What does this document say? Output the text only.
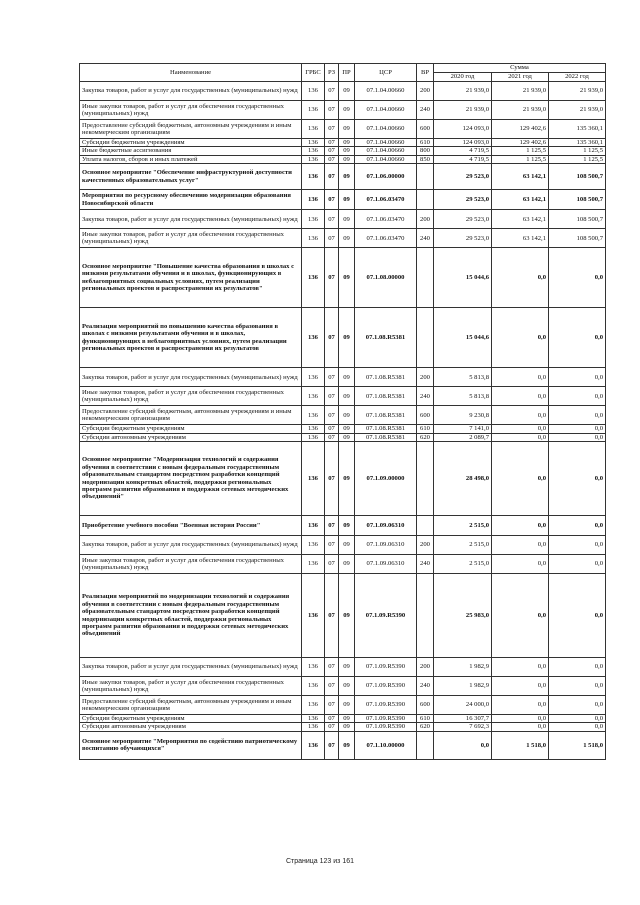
Наименование	ГРБС	РЗ	ПР	ЦСР	ВР	Сумма		
						2020 год	2021 год	2022 год
Закупка товаров, работ и услуг для государственных (муниципальных) нужд	136	07	09	07.1.04.00660	200	21 939,0	21 939,0	21 939,0
Иные закупки товаров, работ и услуг для обеспечения государственных (муниципальных) нужд	136	07	09	07.1.04.00660	240	21 939,0	21 939,0	21 939,0
Предоставление субсидий бюджетным, автономным учреждениям и иным некоммерческим организациям	136	07	09	07.1.04.00660	600	124 093,0	129 402,6	135 360,1
Субсидии бюджетным учреждениям	136	07	09	07.1.04.00660	610	124 093,0	129 402,6	135 360,1
Иные бюджетные ассигнования	136	07	09	07.1.04.00660	800	4 719,5	1 125,5	1 125,5
Уплата налогов, сборов и иных платежей	136	07	09	07.1.04.00660	850	4 719,5	1 125,5	1 125,5
Основное мероприятие "Обеспечение инфраструктурной доступности качественных образовательных услуг"	136	07	09	07.1.06.00000		29 523,0	63 142,1	108 500,7
Мероприятия по ресурсному обеспечению модернизации образования Новосибирской области	136	07	09	07.1.06.03470		29 523,0	63 142,1	108 500,7
Закупка товаров, работ и услуг для государственных (муниципальных) нужд	136	07	09	07.1.06.03470	200	29 523,0	63 142,1	108 500,7
Иные закупки товаров, работ и услуг для обеспечения государственных (муниципальных) нужд	136	07	09	07.1.06.03470	240	29 523,0	63 142,1	108 500,7
Основное мероприятие "Повышение качества образования в школах с низкими результатами обучения и в школах, функционирующих в неблагоприятных социальных условиях, путем реализации региональных проектов и распространения их результатов"	136	07	09	07.1.08.00000		15 044,6	0,0	0,0
Реализация мероприятий по повышению качества образования в школах с низкими результатами обучения и в школах, функционирующих в неблагоприятных условиях, путем реализации региональных проектов и распространения их результатов	136	07	09	07.1.08.R5381		15 044,6	0,0	0,0
Закупка товаров, работ и услуг для государственных (муниципальных) нужд	136	07	09	07.1.08.R5381	200	5 813,8	0,0	0,0
Иные закупки товаров, работ и услуг для обеспечения государственных (муниципальных) нужд	136	07	09	07.1.08.R5381	240	5 813,8	0,0	0,0
Предоставление субсидий бюджетным, автономным учреждениям и иным некоммерческим организациям	136	07	09	07.1.08.R5381	600	9 230,8	0,0	0,0
Субсидии бюджетным учреждениям	136	07	09	07.1.08.R5381	610	7 141,0	0,0	0,0
Субсидии автономным учреждениям	136	07	09	07.1.08.R5381	620	2 089,7	0,0	0,0
Основное мероприятие "Модернизация технологий и содержания обучения в соответствии с новым федеральным государственным образовательным стандартом посредством разработки концепций модернизации конкретных областей, поддержки региональных программ развития образования и поддержки сетевых методических объединений"	136	07	09	07.1.09.00000		28 498,0	0,0	0,0
Приобретение учебного пособия "Военная история России"	136	07	09	07.1.09.06310		2 515,0	0,0	0,0
Закупка товаров, работ и услуг для государственных (муниципальных) нужд	136	07	09	07.1.09.06310	200	2 515,0	0,0	0,0
Иные закупки товаров, работ и услуг для обеспечения государственных (муниципальных) нужд	136	07	09	07.1.09.06310	240	2 515,0	0,0	0,0
Реализация мероприятий по модернизации технологий и содержания обучения в соответствии с новым федеральным государственным образовательным стандартом посредством разработки концепций модернизации конкретных областей, поддержки региональных программ развития образования и поддержки сетевых методических объединений	136	07	09	07.1.09.R5390		25 983,0	0,0	0,0
Закупка товаров, работ и услуг для государственных (муниципальных) нужд	136	07	09	07.1.09.R5390	200	1 982,9	0,0	0,0
Иные закупки товаров, работ и услуг для обеспечения государственных (муниципальных) нужд	136	07	09	07.1.09.R5390	240	1 982,9	0,0	0,0
Предоставление субсидий бюджетным, автономным учреждениям и иным некоммерческим организациям	136	07	09	07.1.09.R5390	600	24 000,0	0,0	0,0
Субсидии бюджетным учреждениям	136	07	09	07.1.09.R5390	610	16 307,7	0,0	0,0
Субсидии автономным учреждениям	136	07	09	07.1.09.R5390	620	7 692,3	0,0	0,0
Основное мероприятие "Мероприятия по содействию патриотическому воспитанию обучающихся"	136	07	09	07.1.10.00000		0,0	1 518,0	1 518,0
Страница 123 из 161
